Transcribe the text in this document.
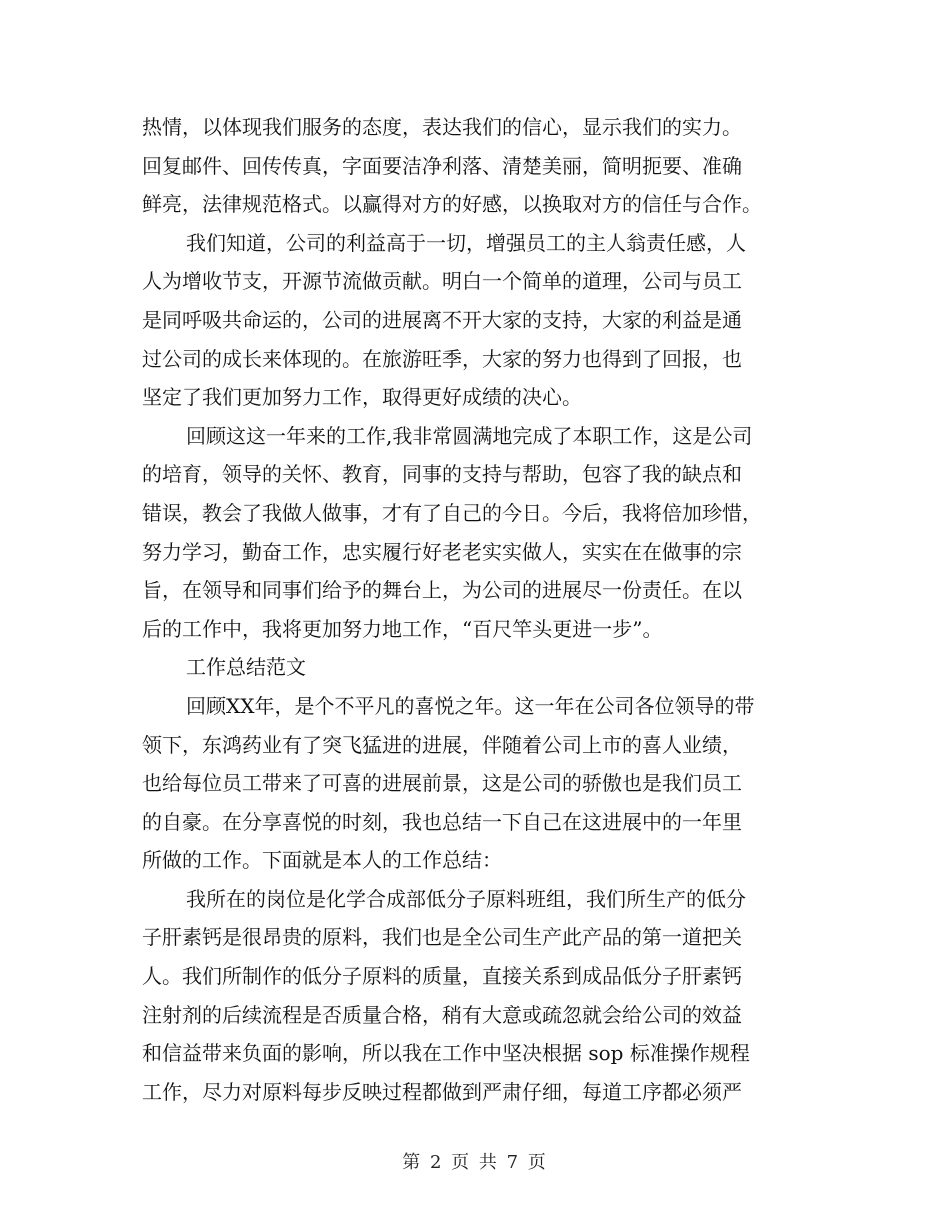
热情，以体现我们服务的态度，表达我们的信心，显示我们的实力。
回复邮件、回传传真，字面要洁净利落、清楚美丽，简明扼要、准确
鲜亮，法律规范格式。以赢得对方的好感，以换取对方的信任与合作。
我们知道，公司的利益高于一切，增强员工的主人翁责任感，人
人为增收节支，开源节流做贡献。明白一个简单的道理，公司与员工
是同呼吸共命运的，公司的进展离不开大家的支持，大家的利益是通
过公司的成长来体现的。在旅游旺季，大家的努力也得到了回报，也
坚定了我们更加努力工作，取得更好成绩的决心。
回顾这这一年来的工作,我非常圆满地完成了本职工作，这是公司
的培育，领导的关怀、教育，同事的支持与帮助，包容了我的缺点和
错误，教会了我做人做事，才有了自己的今日。今后，我将倍加珍惜，
努力学习，勤奋工作，忠实履行好老老实实做人，实实在在做事的宗
旨，在领导和同事们给予的舞台上，为公司的进展尽一份责任。在以
后的工作中，我将更加努力地工作，“百尺竿头更进一步”。
工作总结范文
回顾XX年，是个不平凡的喜悦之年。这一年在公司各位领导的带
领下，东鸿药业有了突飞猛进的进展，伴随着公司上市的喜人业绩，
也给每位员工带来了可喜的进展前景，这是公司的骄傲也是我们员工
的自豪。在分享喜悦的时刻，我也总结一下自己在这进展中的一年里
所做的工作。下面就是本人的工作总结：
我所在的岗位是化学合成部低分子原料班组，我们所生产的低分
子肝素钙是很昂贵的原料，我们也是全公司生产此产品的第一道把关
人。我们所制作的低分子原料的质量，直接关系到成品低分子肝素钙
注射剂的后续流程是否质量合格，稍有大意或疏忽就会给公司的效益
和信益带来负面的影响，所以我在工作中坚决根据 sop 标准操作规程
工作，尽力对原料每步反映过程都做到严肃仔细，每道工序都必须严
第 2 页 共 7 页
